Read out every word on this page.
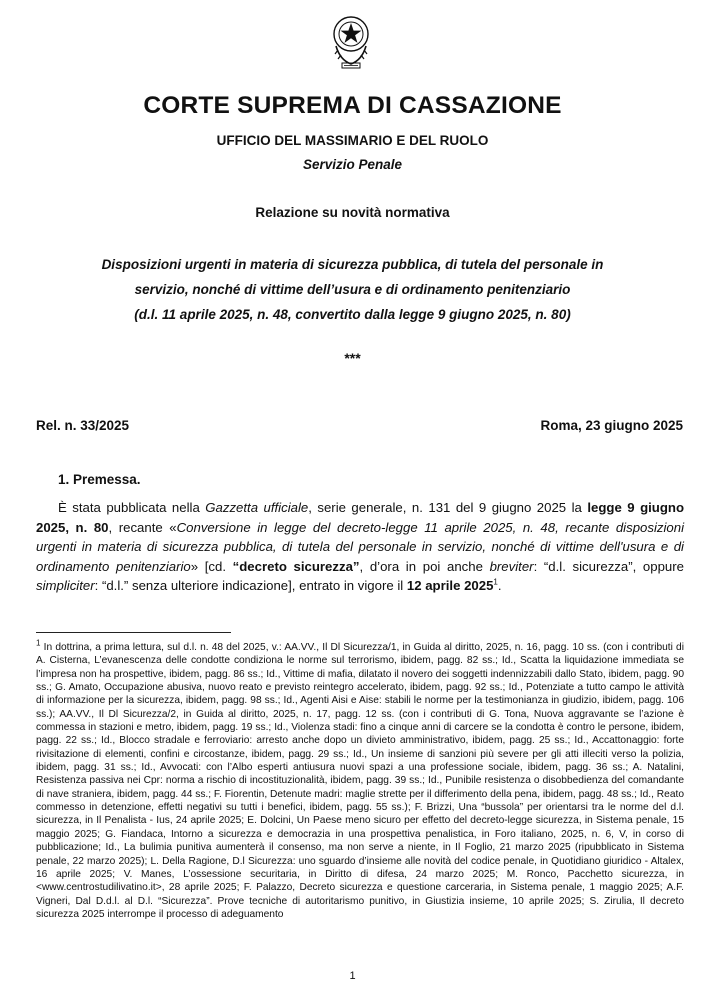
CORTE SUPREMA DI CASSAZIONE
UFFICIO DEL MASSIMARIO E DEL RUOLO
Servizio Penale
Relazione su novità normativa
Disposizioni urgenti in materia di sicurezza pubblica, di tutela del personale in
servizio, nonché di vittime dell’usura e di ordinamento penitenziario
(d.l. 11 aprile 2025, n. 48, convertito dalla legge 9 giugno 2025, n. 80)
***
Rel. n. 33/2025	Roma, 23 giugno 2025
1. Premessa.

È stata pubblicata nella Gazzetta ufficiale, serie generale, n. 131 del 9 giugno 2025 la legge 9 giugno 2025, n. 80, recante «Conversione in legge del decreto-legge 11 aprile 2025, n. 48, recante disposizioni urgenti in materia di sicurezza pubblica, di tutela del personale in servizio, nonché di vittime dell'usura e di ordinamento penitenziario» [cd. “decreto sicurezza”, d’ora in poi anche breviter: “d.l. sicurezza”, oppure simpliciter: “d.l.” senza ulteriore indicazione], entrato in vigore il 12 aprile 2025$^1$.

$^1$ In dottrina, a prima lettura, sul d.l. n. 48 del 2025, v.: AA.VV., Il Dl Sicurezza/1, in Guida al diritto, 2025, n. 16, pagg. 10 ss. (con i contributi di A. Cisterna, L’evanescenza delle condotte condiziona le norme sul terrorismo, ibidem, pagg. 82 ss.; Id., Scatta la liquidazione immediata se l’impresa non ha prospettive, ibidem, pagg. 86 ss.; Id., Vittime di mafia, dilatato il novero dei soggetti indennizzabili dallo Stato, ibidem, pagg. 90 ss.; G. Amato, Occupazione abusiva, nuovo reato e previsto reintegro accelerato, ibidem, pagg. 92 ss.; Id., Potenziate a tutto campo le attività di informazione per la sicurezza, ibidem, pagg. 98 ss.; Id., Agenti Aisi e Aise: stabili le norme per la testimonianza in giudizio, ibidem, pagg. 106 ss.); AA.VV., Il Dl Sicurezza/2, in Guida al diritto, 2025, n. 17, pagg. 12 ss. (con i contributi di G. Tona, Nuova aggravante se l’azione è commessa in stazioni e metro, ibidem, pagg. 19 ss.; Id., Violenza stadi: fino a cinque anni di carcere se la condotta è contro le persone, ibidem, pagg. 22 ss.; Id., Blocco stradale e ferroviario: arresto anche dopo un divieto amministrativo, ibidem, pagg. 25 ss.; Id., Accattonaggio: forte rivisitazione di elementi, confini e circostanze, ibidem, pagg. 29 ss.; Id., Un insieme di sanzioni più severe per gli atti illeciti verso la polizia, ibidem, pagg. 31 ss.; Id., Avvocati: con l’Albo esperti antiusura nuovi spazi a una professione sociale, ibidem, pagg. 36 ss.; A. Natalini, Resistenza passiva nei Cpr: norma a rischio di incostituzionalità, ibidem, pagg. 39 ss.; Id., Punibile resistenza o disobbedienza del comandante di nave straniera, ibidem, pagg. 44 ss.; F. Fiorentin, Detenute madri: maglie strette per il differimento della pena, ibidem, pagg. 48 ss.; Id., Reato commesso in detenzione, effetti negativi su tutti i benefici, ibidem, pagg. 55 ss.); F. Brizzi, Una “bussola” per orientarsi tra le norme del d.l. sicurezza, in Il Penalista - Ius, 24 aprile 2025; E. Dolcini, Un Paese meno sicuro per effetto del decreto-legge sicurezza, in Sistema penale, 15 maggio 2025; G. Fiandaca, Intorno a sicurezza e democrazia in una prospettiva penalistica, in Foro italiano, 2025, n. 6, V, in corso di pubblicazione; Id., La bulimia punitiva aumenterà il consenso, ma non serve a niente, in Il Foglio, 21 marzo 2025 (ripubblicato in Sistema penale, 22 marzo 2025); L. Della Ragione, D.l Sicurezza: uno sguardo d’insieme alle novità del codice penale, in Quotidiano giuridico - Altalex, 16 aprile 2025; V. Manes, L’ossessione securitaria, in Diritto di difesa, 24 marzo 2025; M. Ronco, Pacchetto sicurezza, in <www.centrostudilivatino.it>, 28 aprile 2025; F. Palazzo, Decreto sicurezza e questione carceraria, in Sistema penale, 1 maggio 2025; A.F. Vigneri, Dal D.d.l. al D.l. “Sicurezza”. Prove tecniche di autoritarismo punitivo, in Giustizia insieme, 10 aprile 2025; S. Zirulia, Il decreto sicurezza 2025 interrompe il processo di adeguamento

1
